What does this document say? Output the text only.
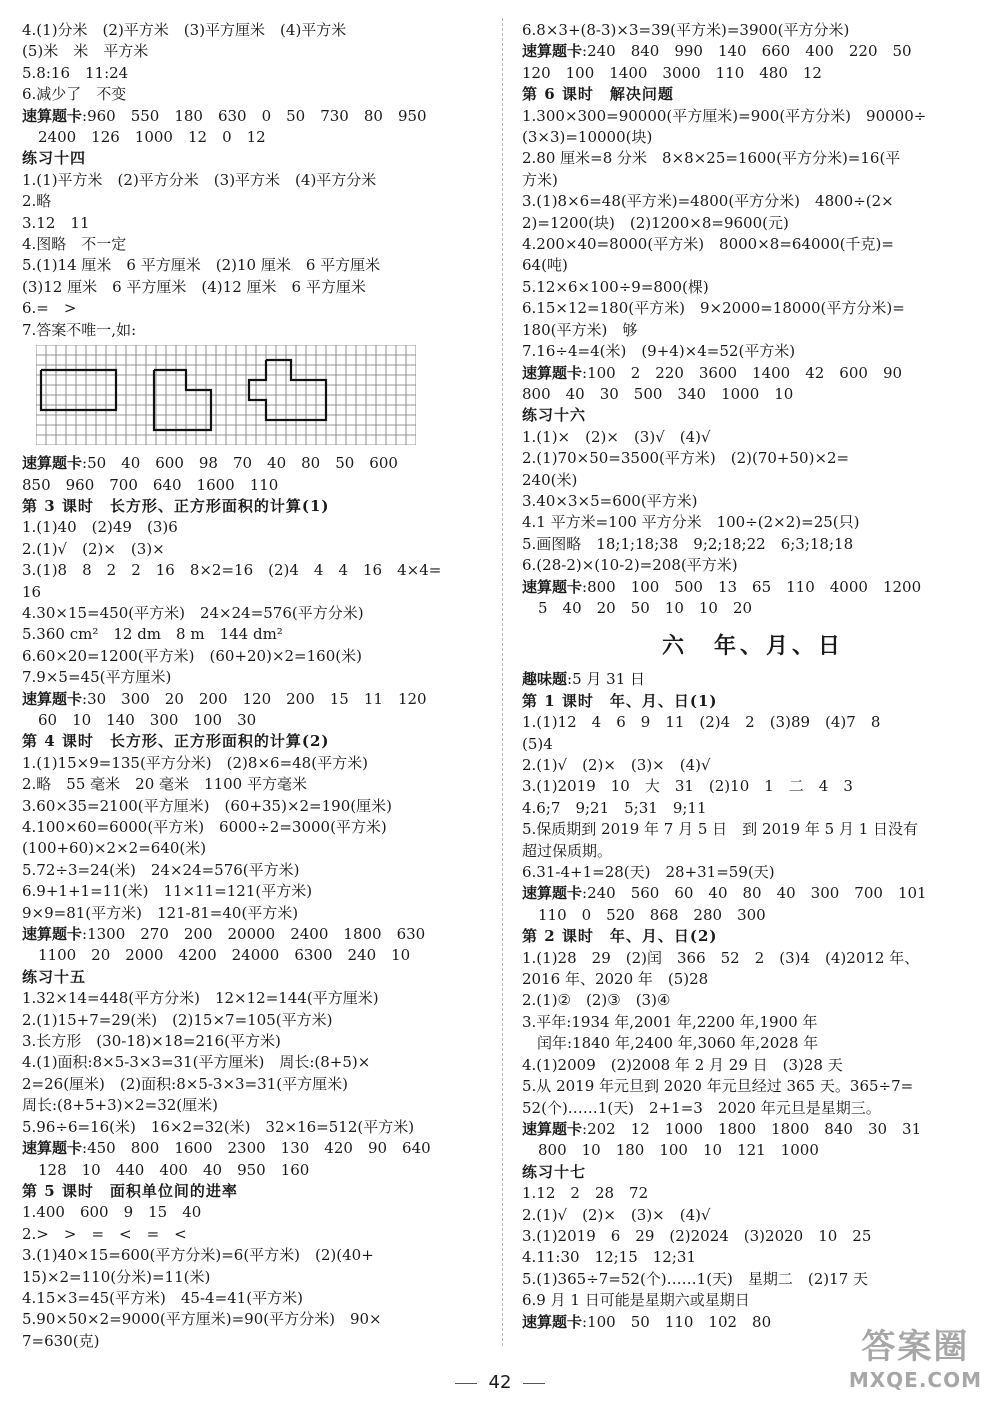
4.(1)分米　(2)平方米　(3)平方厘米　(4)平方米
(5)米　米　平方米
5.8:16　11:24
6.减少了　不变
速算题卡:960　550　180　630　0　50　730　80　950
2400　126　1000　12　0　12
练习十四
1.(1)平方米　(2)平方分米　(3)平方米　(4)平方分米
2.略
3.12　11
4.图略　不一定
5.(1)14 厘米　6 平方厘米　(2)10 厘米　6 平方厘米
(3)12 厘米　6 平方厘米　(4)12 厘米　6 平方厘米
6.=　>
7.答案不唯一,如:
速算题卡:50　40　600　98　70　40　80　50　600
850　960　700　640　1600　110
第 3 课时　长方形、正方形面积的计算(1)
1.(1)40　(2)49　(3)6
2.(1)√　(2)×　(3)×
3.(1)8　8　2　2　16　8×2=16　(2)4　4　4　16　4×4=
16
4.30×15=450(平方米)　24×24=576(平方分米)
5.360 cm²　12 dm　8 m　144 dm²
6.60×20=1200(平方米)　(60+20)×2=160(米)
7.9×5=45(平方厘米)
速算题卡:30　300　20　200　120　200　15　11　120
60　10　140　300　100　30
第 4 课时　长方形、正方形面积的计算(2)
1.(1)15×9=135(平方分米)　(2)8×6=48(平方米)
2.略　55 毫米　20 毫米　1100 平方毫米
3.60×35=2100(平方厘米)　(60+35)×2=190(厘米)
4.100×60=6000(平方米)　6000÷2=3000(平方米)
(100+60)×2×2=640(米)
5.72÷3=24(米)　24×24=576(平方米)
6.9+1+1=11(米)　11×11=121(平方米)
9×9=81(平方米)　121-81=40(平方米)
速算题卡:1300　270　200　20000　2400　1800　630
1100　20　2000　4200　24000　6300　240　10
练习十五
1.32×14=448(平方分米)　12×12=144(平方厘米)
2.(1)15+7=29(米)　(2)15×7=105(平方米)
3.长方形　(30-18)×18=216(平方米)
4.(1)面积:8×5-3×3=31(平方厘米)　周长:(8+5)×
2=26(厘米)　(2)面积:8×5-3×3=31(平方厘米)
周长:(8+5+3)×2=32(厘米)
5.96÷6=16(米)　16×2=32(米)　32×16=512(平方米)
速算题卡:450　800　1600　2300　130　420　90　640
128　10　440　400　40　950　160
第 5 课时　面积单位间的进率
1.400　600　9　15　40
2.>　>　=　<　=　<
3.(1)40×15=600(平方分米)=6(平方米)　(2)(40+
15)×2=110(分米)=11(米)
4.15×3=45(平方米)　45-4=41(平方米)
5.90×50×2=9000(平方厘米)=90(平方分米)　90×
7=630(克)
6.8×3+(8-3)×3=39(平方米)=3900(平方分米)
速算题卡:240　840　990　140　660　400　220　50
120　100　1400　3000　110　480　12
第 6 课时　解决问题
1.300×300=90000(平方厘米)=900(平方分米)　90000÷
(3×3)=10000(块)
2.80 厘米=8 分米　8×8×25=1600(平方分米)=16(平
方米)
3.(1)8×6=48(平方米)=4800(平方分米)　4800÷(2×
2)=1200(块)　(2)1200×8=9600(元)
4.200×40=8000(平方米)　8000×8=64000(千克)=
64(吨)
5.12×6×100÷9=800(棵)
6.15×12=180(平方米)　9×2000=18000(平方分米)=
180(平方米)　够
7.16÷4=4(米)　(9+4)×4=52(平方米)
速算题卡:100　2　220　3600　1400　42　600　90
800　40　30　500　340　1000　10
练习十六
1.(1)×　(2)×　(3)√　(4)√
2.(1)70×50=3500(平方米)　(2)(70+50)×2=
240(米)
3.40×3×5=600(平方米)
4.1 平方米=100 平方分米　100÷(2×2)=25(只)
5.画图略　18;1;18;38　9;2;18;22　6;3;18;18
6.(28-2)×(10-2)=208(平方米)
速算题卡:800　100　500　13　65　110　4000　1200
5　40　20　50　10　10　20
六　年、月、日
趣味题:5 月 31 日
第 1 课时　年、月、日(1)
1.(1)12　4　6　9　11　(2)4　2　(3)89　(4)7　8
(5)4
2.(1)√　(2)×　(3)×　(4)√
3.(1)2019　10　大　31　(2)10　1　二　4　3
4.6;7　9;21　5;31　9;11
5.保质期到 2019 年 7 月 5 日　到 2019 年 5 月 1 日没有
超过保质期。
6.31-4+1=28(天)　28+31=59(天)
速算题卡:240　560　60　40　80　40　300　700　101
110　0　520　868　280　300
第 2 课时　年、月、日(2)
1.(1)28　29　(2)闰　366　52　2　(3)4　(4)2012 年、
2016 年、2020 年　(5)28
2.(1)②　(2)③　(3)④
3.平年:1934 年,2001 年,2200 年,1900 年
　闰年:1840 年,2400 年,3060 年,2028 年
4.(1)2009　(2)2008 年 2 月 29 日　(3)28 天
5.从 2019 年元旦到 2020 年元旦经过 365 天。365÷7=
52(个)……1(天)　2+1=3　2020 年元旦是星期三。
速算题卡:202　12　1000　1800　1800　840　30　31
800　10　180　100　10　121　1000
练习十七
1.12　2　28　72
2.(1)√　(2)×　(3)×　(4)√
3.(1)2019　6　29　(2)2024　(3)2020　10　25
4.11:30　12;15　12;31
5.(1)365÷7=52(个)……1(天)　星期二　(2)17 天
6.9 月 1 日可能是星期六或星期日
速算题卡:100　50　110　102　80
42
答案圈
MXQE.COM
